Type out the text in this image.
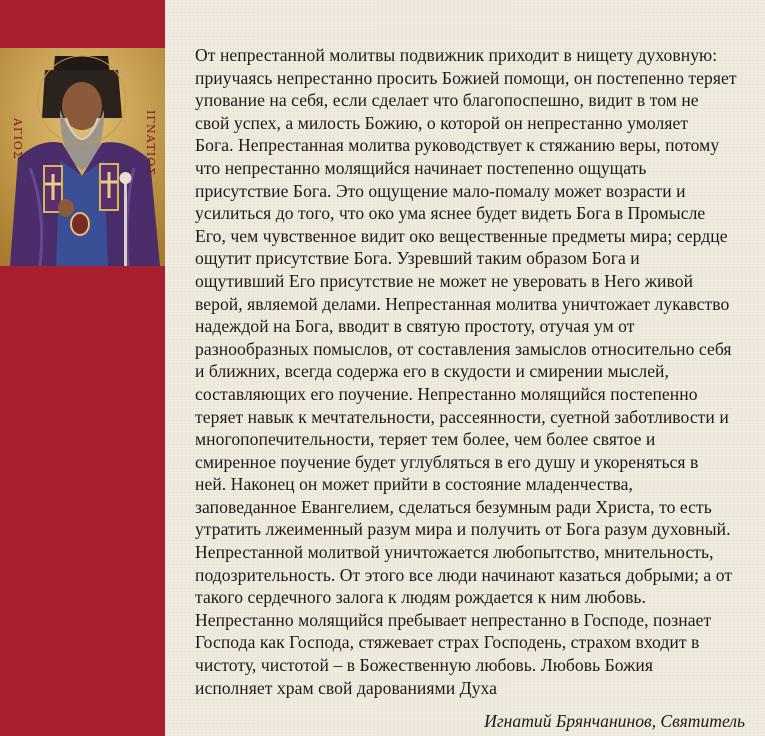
ΑΓΙΟΣ	ΙΓΝΑΤΙΟΣ
От непрестанной молитвы подвижник приходит в нищету духовную:
приучаясь непрестанно просить Божией помощи, он постепенно теряет
упование на себя, если сделает что благопоспешно, видит в том не
свой успех, а милость Божию, о которой он непрестанно умоляет
Бога. Непрестанная молитва руководствует к стяжанию веры, потому
что непрестанно молящийся начинает постепенно ощущать
присутствие Бога. Это ощущение мало-помалу может возрасти и
усилиться до того, что око ума яснее будет видеть Бога в Промысле
Его, чем чувственное видит око вещественные предметы мира; сердце
ощутит присутствие Бога. Узревший таким образом Бога и
ощутивший Его присутствие не может не уверовать в Него живой
верой, являемой делами. Непрестанная молитва уничтожает лукавство
надеждой на Бога, вводит в святую простоту, отучая ум от
разнообразных помыслов, от составления замыслов относительно себя
и ближних, всегда содержа его в скудости и смирении мыслей,
составляющих его поучение. Непрестанно молящийся постепенно
теряет навык к мечтательности, рассеянности, суетной заботливости и
многопопечительности, теряет тем более, чем более святое и
смиренное поучение будет углубляться в его душу и укореняться в
ней. Наконец он может прийти в состояние младенчества,
заповеданное Евангелием, сделаться безумным ради Христа, то есть
утратить лжеименный разум мира и получить от Бога разум духовный.
Непрестанной молитвой уничтожается любопытство, мнительность,
подозрительность. От этого все люди начинают казаться добрыми; а от
такого сердечного залога к людям рождается к ним любовь.
Непрестанно молящийся пребывает непрестанно в Господе, познает
Господа как Господа, стяжевает страх Господень, страхом входит в
чистоту, чистотой – в Божественную любовь. Любовь Божия
исполняет храм свой дарованиями Духа
Игнатий Брянчанинов, Святитель
